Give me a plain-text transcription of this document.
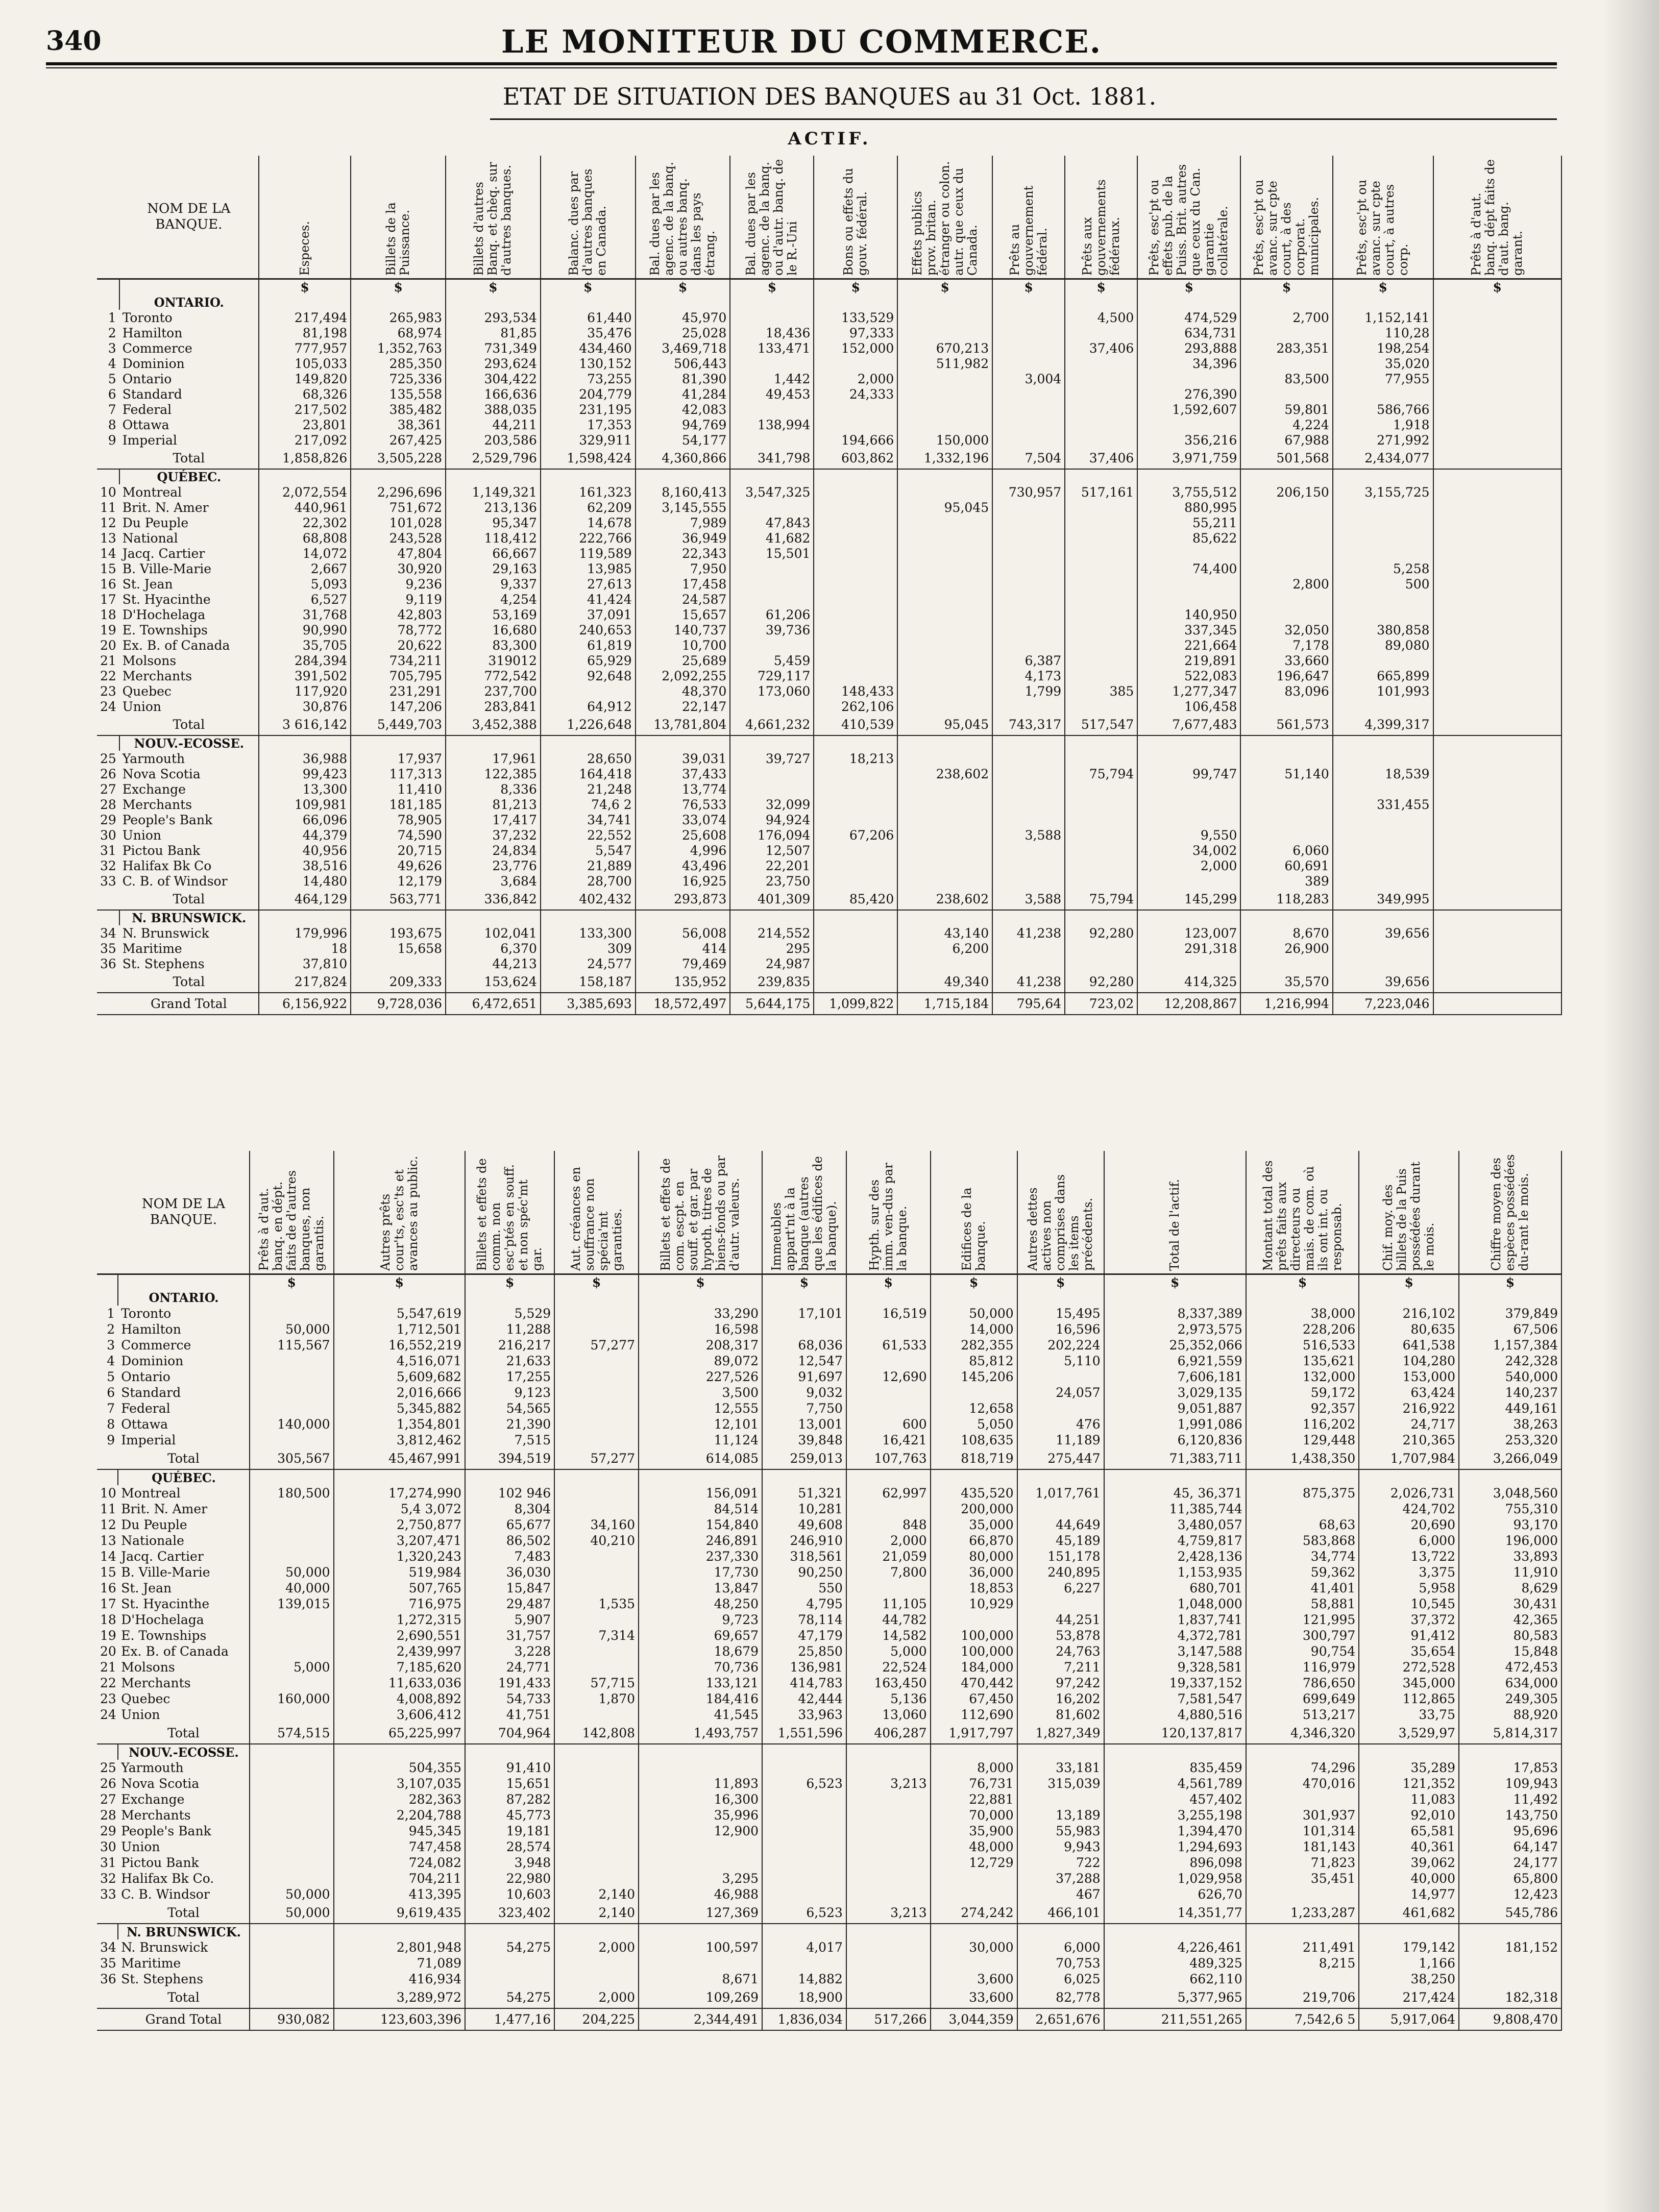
340	LE MONITEUR DU COMMERCE.
ETAT DE SITUATION DES BANQUES au 31 Oct. 1881.
ACTIF.
	NOM DE LA BANQUE.	Especes.	Billets de la Puissance.	Billets d'autres Banq. et chèq. sur d'autres banques.	Balanc. dues par d'autres banques en Canada.	Bal. dues par les agenc. de la banq. ou autres banq. dans les pays étrang.	Bal. dues par les agenc. de la banq. ou d'autr. banq. de le R.-Uni	Bons ou effets du gouv. fédéral.	Effets publics prov. britan. étranger ou colon. autr. que ceux du Canada.	Prêts au gouvernement fédéral.	Prêts aux gouvernements fédéraux.	Prêts, esc'pt ou effets pub. de la Puiss. Brit. autres que ceux du Can. garantie collatérale.	Prêts, esc'pt ou avanc. sur cpte court, à des corporat. municipales.	Prêts, esc'pt ou avanc. sur cpte court, à autres corp.	Prêts à d'aut. banq. dépt faits de d'aut. bang. garant.

		$	$	$	$	$	$	$	$	$	$	$	$	$	$
	ONTARIO.														
1	Toronto	217,494	265,983	293,534	61,440	45,970		133,529			4,500	474,529	2,700	1,152,141	
2	Hamilton	81,198	68,974	81,85	35,476	25,028	18,436	97,333				634,731		110,28	
3	Commerce	777,957	1,352,763	731,349	434,460	3,469,718	133,471	152,000	670,213		37,406	293,888	283,351	198,254	
4	Dominion	105,033	285,350	293,624	130,152	506,443			511,982			34,396		35,020	
5	Ontario	149,820	725,336	304,422	73,255	81,390	1,442	2,000		3,004			83,500	77,955	
6	Standard	68,326	135,558	166,636	204,779	41,284	49,453	24,333				276,390			
7	Federal	217,502	385,482	388,035	231,195	42,083						1,592,607	59,801	586,766	
8	Ottawa	23,801	38,361	44,211	17,353	94,769	138,994						4,224	1,918	
9	Imperial	217,092	267,425	203,586	329,911	54,177		194,666	150,000			356,216	67,988	271,992	
	Total	1,858,826	3,505,228	2,529,796	1,598,424	4,360,866	341,798	603,862	1,332,196	7,504	37,406	3,971,759	501,568	2,434,077	
	QUÉBEC.														
10	Montreal	2,072,554	2,296,696	1,149,321	161,323	8,160,413	3,547,325			730,957	517,161	3,755,512	206,150	3,155,725	
11	Brit. N. Amer	440,961	751,672	213,136	62,209	3,145,555			95,045			880,995			
12	Du Peuple	22,302	101,028	95,347	14,678	7,989	47,843					55,211			
13	National	68,808	243,528	118,412	222,766	36,949	41,682					85,622			
14	Jacq. Cartier	14,072	47,804	66,667	119,589	22,343	15,501								
15	B. Ville-Marie	2,667	30,920	29,163	13,985	7,950						74,400		5,258	
16	St. Jean	5,093	9,236	9,337	27,613	17,458							2,800	500	
17	St. Hyacinthe	6,527	9,119	4,254	41,424	24,587									
18	D'Hochelaga	31,768	42,803	53,169	37,091	15,657	61,206					140,950			
19	E. Townships	90,990	78,772	16,680	240,653	140,737	39,736					337,345	32,050	380,858	
20	Ex. B. of Canada	35,705	20,622	83,300	61,819	10,700						221,664	7,178	89,080	
21	Molsons	284,394	734,211	319012	65,929	25,689	5,459			6,387		219,891	33,660		
22	Merchants	391,502	705,795	772,542	92,648	2,092,255	729,117			4,173		522,083	196,647	665,899	
23	Quebec	117,920	231,291	237,700		48,370	173,060	148,433		1,799	385	1,277,347	83,096	101,993	
24	Union	30,876	147,206	283,841	64,912	22,147		262,106				106,458			
	Total	3 616,142	5,449,703	3,452,388	1,226,648	13,781,804	4,661,232	410,539	95,045	743,317	517,547	7,677,483	561,573	4,399,317	
	NOUV.-ECOSSE.														
25	Yarmouth	36,988	17,937	17,961	28,650	39,031	39,727	18,213							
26	Nova Scotia	99,423	117,313	122,385	164,418	37,433			238,602		75,794	99,747	51,140	18,539	
27	Exchange	13,300	11,410	8,336	21,248	13,774									
28	Merchants	109,981	181,185	81,213	74,6 2	76,533	32,099							331,455	
29	People's Bank	66,096	78,905	17,417	34,741	33,074	94,924								
30	Union	44,379	74,590	37,232	22,552	25,608	176,094	67,206		3,588		9,550			
31	Pictou Bank	40,956	20,715	24,834	5,547	4,996	12,507					34,002	6,060		
32	Halifax Bk Co	38,516	49,626	23,776	21,889	43,496	22,201					2,000	60,691		
33	C. B. of Windsor	14,480	12,179	3,684	28,700	16,925	23,750						389		
	Total	464,129	563,771	336,842	402,432	293,873	401,309	85,420	238,602	3,588	75,794	145,299	118,283	349,995	
	N. BRUNSWICK.														
34	N. Brunswick	179,996	193,675	102,041	133,300	56,008	214,552		43,140	41,238	92,280	123,007	8,670	39,656	
35	Maritime	18	15,658	6,370	309	414	295		6,200			291,318	26,900		
36	St. Stephens	37,810		44,213	24,577	79,469	24,987								
	Total	217,824	209,333	153,624	158,187	135,952	239,835		49,340	41,238	92,280	414,325	35,570	39,656	
	Grand Total	6,156,922	9,728,036	6,472,651	3,385,693	18,572,497	5,644,175	1,099,822	1,715,184	795,64	723,02	12,208,867	1,216,994	7,223,046	
	NOM DE LA BANQUE.	Prêts à d'aut. banq. en dépt. faits de d'autres banques, non garantis.	Autres prêts cour'ts, esc'ts et avances au public.	Billets et effets de comm. non esc'ptés en souff. et non spéc'mt gar.	Aut. créances en souffrance non spécia'mt garanties.	Billets et effets de com. escpt. en souff. et gar. par hypoth. titres de biens-fonds ou par d'autr. valeurs.	Immeubles appart'nt à la banque (autres que les édifices de la banque).	Hypth. sur des imm. ven-dus par la banque.	Edifices de la banque.	Autres dettes actives non comprises dans les items précédents.	Total de l'actif.	Montant total des prêts faits aux directeurs ou mais. de com. où ils ont int. ou responsab.	Chif. moy. des billets de la Puis possédées durant le mois.	Chiffre moyen des espèces possédées du-rant le mois.

		$	$	$	$	$	$	$	$	$	$	$	$	$
	ONTARIO.													
1	Toronto		5,547,619	5,529		33,290	17,101	16,519	50,000	15,495	8,337,389	38,000	216,102	379,849
2	Hamilton	50,000	1,712,501	11,288		16,598			14,000	16,596	2,973,575	228,206	80,635	67,506
3	Commerce	115,567	16,552,219	216,217	57,277	208,317	68,036	61,533	282,355	202,224	25,352,066	516,533	641,538	1,157,384
4	Dominion		4,516,071	21,633		89,072	12,547		85,812	5,110	6,921,559	135,621	104,280	242,328
5	Ontario		5,609,682	17,255		227,526	91,697	12,690	145,206		7,606,181	132,000	153,000	540,000
6	Standard		2,016,666	9,123		3,500	9,032			24,057	3,029,135	59,172	63,424	140,237
7	Federal		5,345,882	54,565		12,555	7,750		12,658		9,051,887	92,357	216,922	449,161
8	Ottawa	140,000	1,354,801	21,390		12,101	13,001	600	5,050	476	1,991,086	116,202	24,717	38,263
9	Imperial		3,812,462	7,515		11,124	39,848	16,421	108,635	11,189	6,120,836	129,448	210,365	253,320
	Total	305,567	45,467,991	394,519	57,277	614,085	259,013	107,763	818,719	275,447	71,383,711	1,438,350	1,707,984	3,266,049
	QUÉBEC.													
10	Montreal	180,500	17,274,990	102 946		156,091	51,321	62,997	435,520	1,017,761	45, 36,371	875,375	2,026,731	3,048,560
11	Brit. N. Amer		5,4 3,072	8,304		84,514	10,281		200,000		11,385,744		424,702	755,310
12	Du Peuple		2,750,877	65,677	34,160	154,840	49,608	848	35,000	44,649	3,480,057	68,63	20,690	93,170
13	Nationale		3,207,471	86,502	40,210	246,891	246,910	2,000	66,870	45,189	4,759,817	583,868	6,000	196,000
14	Jacq. Cartier		1,320,243	7,483		237,330	318,561	21,059	80,000	151,178	2,428,136	34,774	13,722	33,893
15	B. Ville-Marie	50,000	519,984	36,030		17,730	90,250	7,800	36,000	240,895	1,153,935	59,362	3,375	11,910
16	St. Jean	40,000	507,765	15,847		13,847	550		18,853	6,227	680,701	41,401	5,958	8,629
17	St. Hyacinthe	139,015	716,975	29,487	1,535	48,250	4,795	11,105	10,929		1,048,000	58,881	10,545	30,431
18	D'Hochelaga		1,272,315	5,907		9,723	78,114	44,782		44,251	1,837,741	121,995	37,372	42,365
19	E. Townships		2,690,551	31,757	7,314	69,657	47,179	14,582	100,000	53,878	4,372,781	300,797	91,412	80,583
20	Ex. B. of Canada		2,439,997	3,228		18,679	25,850	5,000	100,000	24,763	3,147,588	90,754	35,654	15,848
21	Molsons	5,000	7,185,620	24,771		70,736	136,981	22,524	184,000	7,211	9,328,581	116,979	272,528	472,453
22	Merchants		11,633,036	191,433	57,715	133,121	414,783	163,450	470,442	97,242	19,337,152	786,650	345,000	634,000
23	Quebec	160,000	4,008,892	54,733	1,870	184,416	42,444	5,136	67,450	16,202	7,581,547	699,649	112,865	249,305
24	Union		3,606,412	41,751		41,545	33,963	13,060	112,690	81,602	4,880,516	513,217	33,75	88,920
	Total	574,515	65,225,997	704,964	142,808	1,493,757	1,551,596	406,287	1,917,797	1,827,349	120,137,817	4,346,320	3,529,97	5,814,317
	NOUV.-ECOSSE.													
25	Yarmouth		504,355	91,410					8,000	33,181	835,459	74,296	35,289	17,853
26	Nova Scotia		3,107,035	15,651		11,893	6,523	3,213	76,731	315,039	4,561,789	470,016	121,352	109,943
27	Exchange		282,363	87,282		16,300			22,881		457,402		11,083	11,492
28	Merchants		2,204,788	45,773		35,996			70,000	13,189	3,255,198	301,937	92,010	143,750
29	People's Bank		945,345	19,181		12,900			35,900	55,983	1,394,470	101,314	65,581	95,696
30	Union		747,458	28,574					48,000	9,943	1,294,693	181,143	40,361	64,147
31	Pictou Bank		724,082	3,948					12,729	722	896,098	71,823	39,062	24,177
32	Halifax Bk Co.		704,211	22,980		3,295				37,288	1,029,958	35,451	40,000	65,800
33	C. B. Windsor	50,000	413,395	10,603	2,140	46,988				467	626,70		14,977	12,423
	Total	50,000	9,619,435	323,402	2,140	127,369	6,523	3,213	274,242	466,101	14,351,77	1,233,287	461,682	545,786
	N. BRUNSWICK.													
34	N. Brunswick		2,801,948	54,275	2,000	100,597	4,017		30,000	6,000	4,226,461	211,491	179,142	181,152
35	Maritime		71,089							70,753	489,325	8,215	1,166	
36	St. Stephens		416,934			8,671	14,882		3,600	6,025	662,110		38,250	
	Total		3,289,972	54,275	2,000	109,269	18,900		33,600	82,778	5,377,965	219,706	217,424	182,318
	Grand Total	930,082	123,603,396	1,477,16	204,225	2,344,491	1,836,034	517,266	3,044,359	2,651,676	211,551,265	7,542,6 5	5,917,064	9,808,470
